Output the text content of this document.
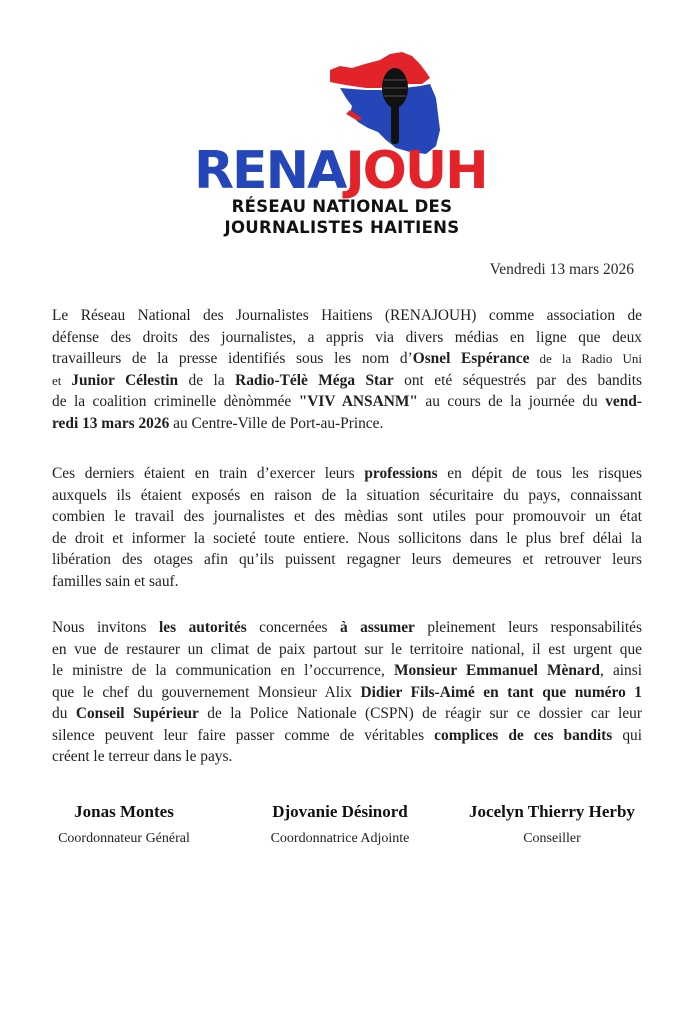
RENAJOUH
RÉSEAU NATIONAL DES
JOURNALISTES HAITIENS
Vendredi 13 mars 2026

Le Réseau National des Journalistes Haitiens (RENAJOUH) comme association de
défense des droits des journalistes, a appris via divers médias en ligne que deux
travailleurs de la presse identifiés sous les nom d’Osnel Espérance de la Radio Uni
et Junior Célestin de la Radio-Télè Méga Star ont eté séquestrés par des bandits
de la coalition criminelle dènòmmée "VIV ANSANM" au cours de la journée du vend-
redi 13 mars 2026 au Centre-Ville de Port-au-Prince.

Ces derniers étaient en train d’exercer leurs professions en dépit de tous les risques
auxquels ils étaient exposés en raison de la situation sécuritaire du pays, connaissant
combien le travail des journalistes et des mèdias sont utiles pour promouvoir un état
de droit et informer la societé toute entiere. Nous sollicitons dans le plus bref délai la
libération des otages afin qu’ils puissent regagner leurs demeures et retrouver leurs
familles sain et sauf.

Nous invitons les autorités concernées à assumer pleinement leurs responsabilités
en vue de restaurer un climat de paix partout sur le territoire national, il est urgent que
le ministre de la communication en l’occurrence, Monsieur Emmanuel Mènard, ainsi
que le chef du gouvernement Monsieur Alix Didier Fils-Aimé en tant que numéro 1
du Conseil Supérieur de la Police Nationale (CSPN) de réagir sur ce dossier car leur
silence peuvent leur faire passer comme de véritables complices de ces bandits qui
créent le terreur dans le pays.

Jonas Montes
Coordonnateur Général
Djovanie Désinord
Coordonnatrice Adjointe
Jocelyn Thierry Herby
Conseiller
